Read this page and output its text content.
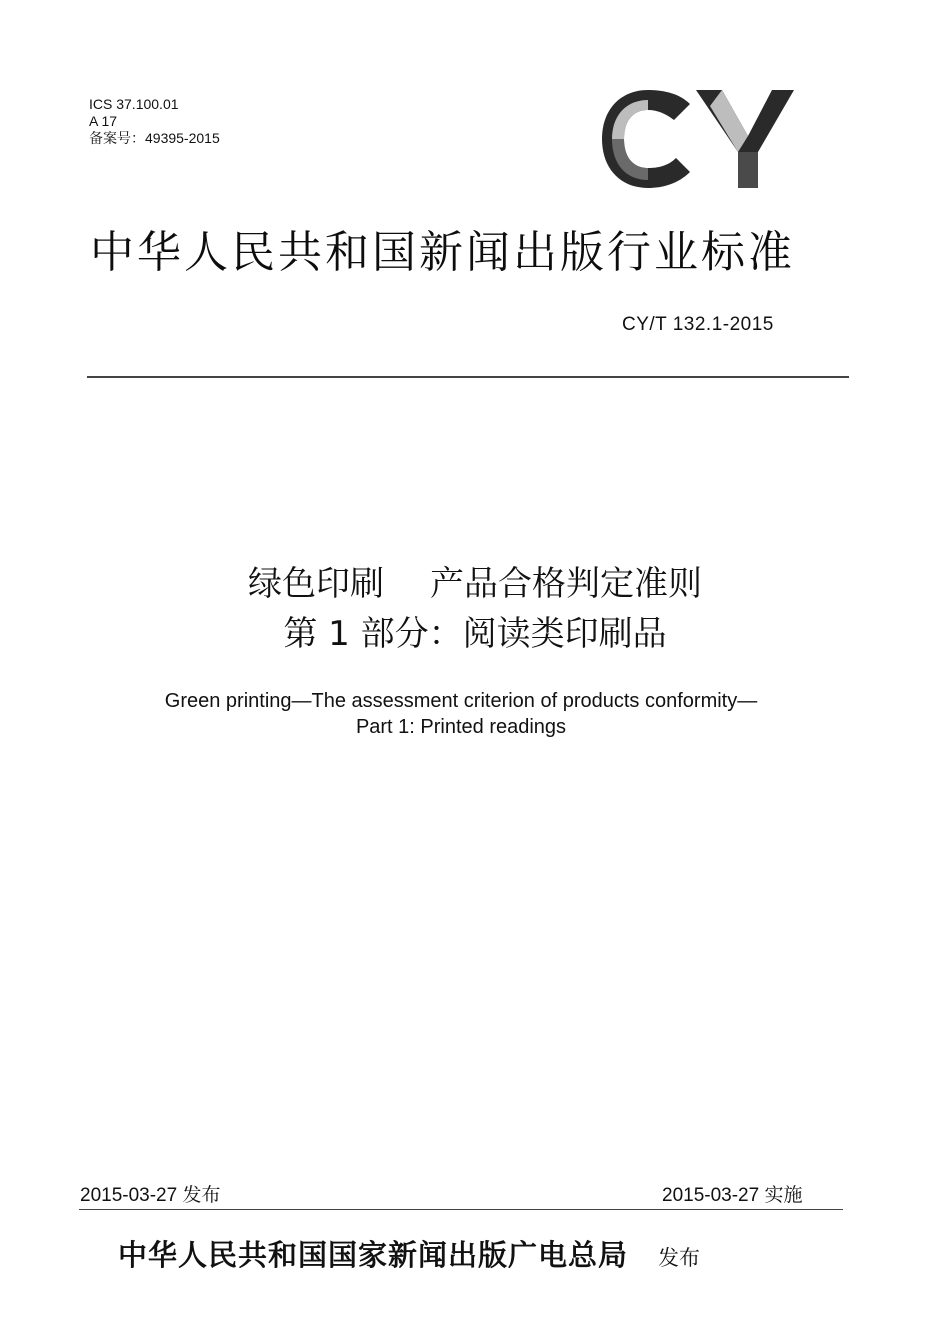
ICS 37.100.01
A 17
备案号：49395-2015
中华人民共和国新闻出版行业标准
CY/T 132.1-2015
绿色印刷 产品合格判定准则
第 1 部分：阅读类印刷品
Green printing—The assessment criterion of products conformity—
Part 1: Printed readings
2015-03-27 发布	2015-03-27 实施
中华人民共和国国家新闻出版广电总局 发布
